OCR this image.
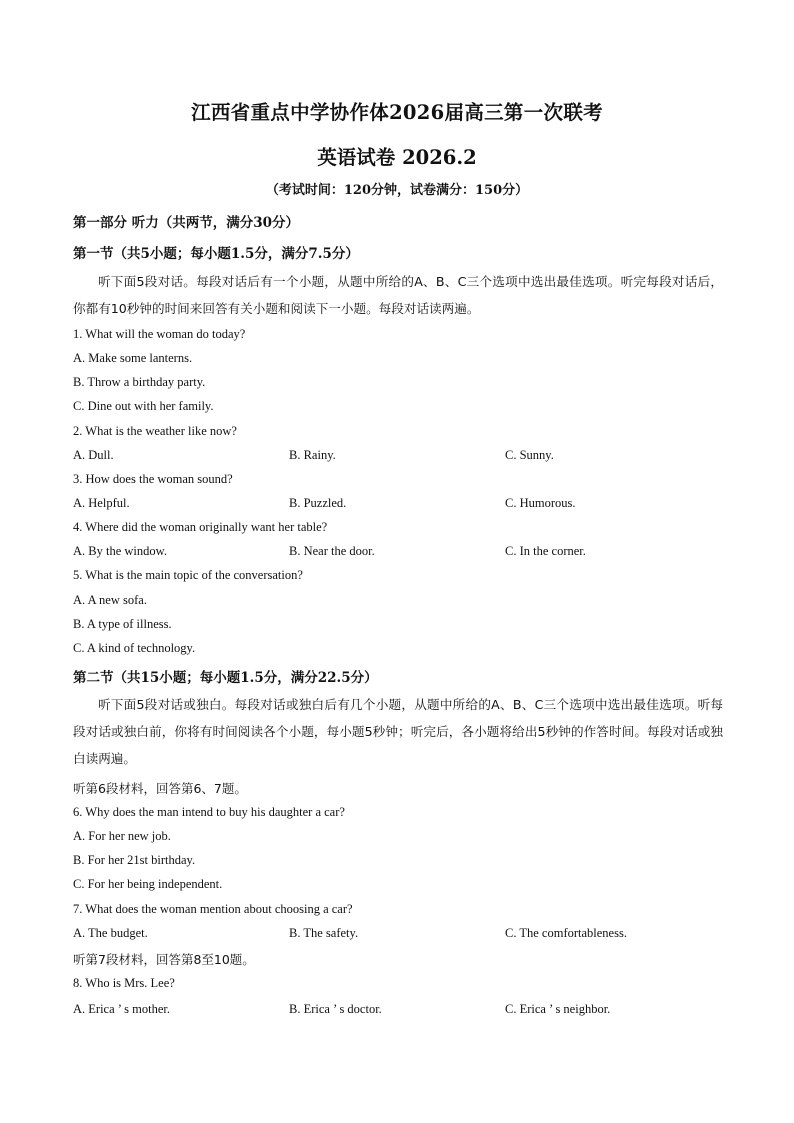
江西省重点中学协作体2026届高三第一次联考
英语试卷 2026.2
（考试时间：120分钟，试卷满分：150分）
第一部分 听力（共两节，满分30分）
第一节（共5小题；每小题1.5分，满分7.5分）
听下面5段对话。每段对话后有一个小题，从题中所给的A、B、C三个选项中选出最佳选项。听完每段对话后，你都有10秒钟的时间来回答有关小题和阅读下一小题。每段对话读两遍。
1. What will the woman do today?
A. Make some lanterns.
B. Throw a birthday party.
C. Dine out with her family.
2. What is the weather like now?
A. Dull.	B. Rainy.	C. Sunny.
3. How does the woman sound?
A. Helpful.	B. Puzzled.	C. Humorous.
4. Where did the woman originally want her table?
A. By the window.	B. Near the door.	C. In the corner.
5. What is the main topic of the conversation?
A. A new sofa.
B. A type of illness.
C. A kind of technology.
第二节（共15小题；每小题1.5分，满分22.5分）
听下面5段对话或独白。每段对话或独白后有几个小题，从题中所给的A、B、C三个选项中选出最佳选项。听每段对话或独白前，你将有时间阅读各个小题，每小题5秒钟；听完后，各小题将给出5秒钟的作答时间。每段对话或独白读两遍。
听第6段材料，回答第6、7题。
6. Why does the man intend to buy his daughter a car?
A. For her new job.
B. For her 21st birthday.
C. For her being independent.
7. What does the woman mention about choosing a car?
A. The budget.	B. The safety.	C. The comfortableness.
听第7段材料，回答第8至10题。
8. Who is Mrs. Lee?
A. Erica ’ s mother.	B. Erica ’ s doctor.	C. Erica ’ s neighbor.
